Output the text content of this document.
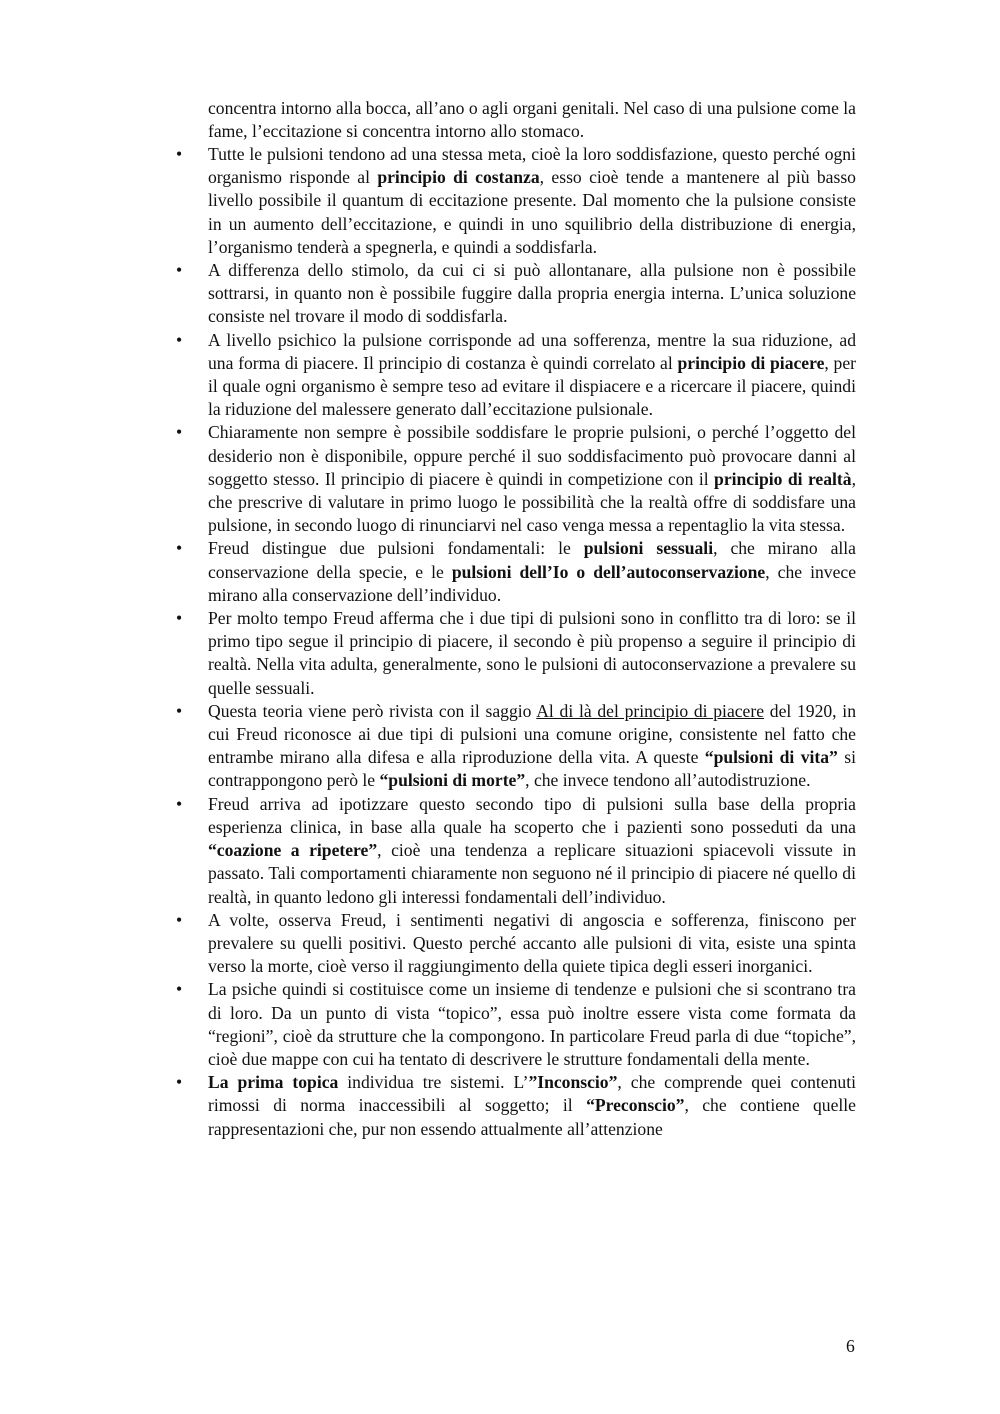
concentra intorno alla bocca, all’ano o agli organi genitali. Nel caso di una pulsione come la fame, l’eccitazione si concentra intorno allo stomaco.
• Tutte le pulsioni tendono ad una stessa meta, cioè la loro soddisfazione, questo perché ogni organismo risponde al principio di costanza, esso cioè tende a mantenere al più basso livello possibile il quantum di eccitazione presente. Dal momento che la pulsione consiste in un aumento dell’eccitazione, e quindi in uno squilibrio della distribuzione di energia, l’organismo tenderà a spegnerla, e quindi a soddisfarla.
• A differenza dello stimolo, da cui ci si può allontanare, alla pulsione non è possibile sottrarsi, in quanto non è possibile fuggire dalla propria energia interna. L’unica soluzione consiste nel trovare il modo di soddisfarla.
• A livello psichico la pulsione corrisponde ad una sofferenza, mentre la sua riduzione, ad una forma di piacere. Il principio di costanza è quindi correlato al principio di piacere, per il quale ogni organismo è sempre teso ad evitare il dispiacere e a ricercare il piacere, quindi la riduzione del malessere generato dall’eccitazione pulsionale.
• Chiaramente non sempre è possibile soddisfare le proprie pulsioni, o perché l’oggetto del desiderio non è disponibile, oppure perché il suo soddisfacimento può provocare danni al soggetto stesso. Il principio di piacere è quindi in competizione con il principio di realtà, che prescrive di valutare in primo luogo le possibilità che la realtà offre di soddisfare una pulsione, in secondo luogo di rinunciarvi nel caso venga messa a repentaglio la vita stessa.
• Freud distingue due pulsioni fondamentali: le pulsioni sessuali, che mirano alla conservazione della specie, e le pulsioni dell’Io o dell’autoconservazione, che invece mirano alla conservazione dell’individuo.
• Per molto tempo Freud afferma che i due tipi di pulsioni sono in conflitto tra di loro: se il primo tipo segue il principio di piacere, il secondo è più propenso a seguire il principio di realtà. Nella vita adulta, generalmente, sono le pulsioni di autoconservazione a prevalere su quelle sessuali.
• Questa teoria viene però rivista con il saggio Al di là del principio di piacere del 1920, in cui Freud riconosce ai due tipi di pulsioni una comune origine, consistente nel fatto che entrambe mirano alla difesa e alla riproduzione della vita. A queste “pulsioni di vita” si contrappongono però le “pulsioni di morte”, che invece tendono all’autodistruzione.
• Freud arriva ad ipotizzare questo secondo tipo di pulsioni sulla base della propria esperienza clinica, in base alla quale ha scoperto che i pazienti sono posseduti da una “coazione a ripetere”, cioè una tendenza a replicare situazioni spiacevoli vissute in passato. Tali comportamenti chiaramente non seguono né il principio di piacere né quello di realtà, in quanto ledono gli interessi fondamentali dell’individuo.
• A volte, osserva Freud, i sentimenti negativi di angoscia e sofferenza, finiscono per prevalere su quelli positivi. Questo perché accanto alle pulsioni di vita, esiste una spinta verso la morte, cioè verso il raggiungimento della quiete tipica degli esseri inorganici.
• La psiche quindi si costituisce come un insieme di tendenze e pulsioni che si scontrano tra di loro. Da un punto di vista “topico”, essa può inoltre essere vista come formata da “regioni”, cioè da strutture che la compongono. In particolare Freud parla di due “topiche”, cioè due mappe con cui ha tentato di descrivere le strutture fondamentali della mente.
• La prima topica individua tre sistemi. L’”Inconscio”, che comprende quei contenuti rimossi di norma inaccessibili al soggetto; il “Preconscio”, che contiene quelle rappresentazioni che, pur non essendo attualmente all’attenzione
6
